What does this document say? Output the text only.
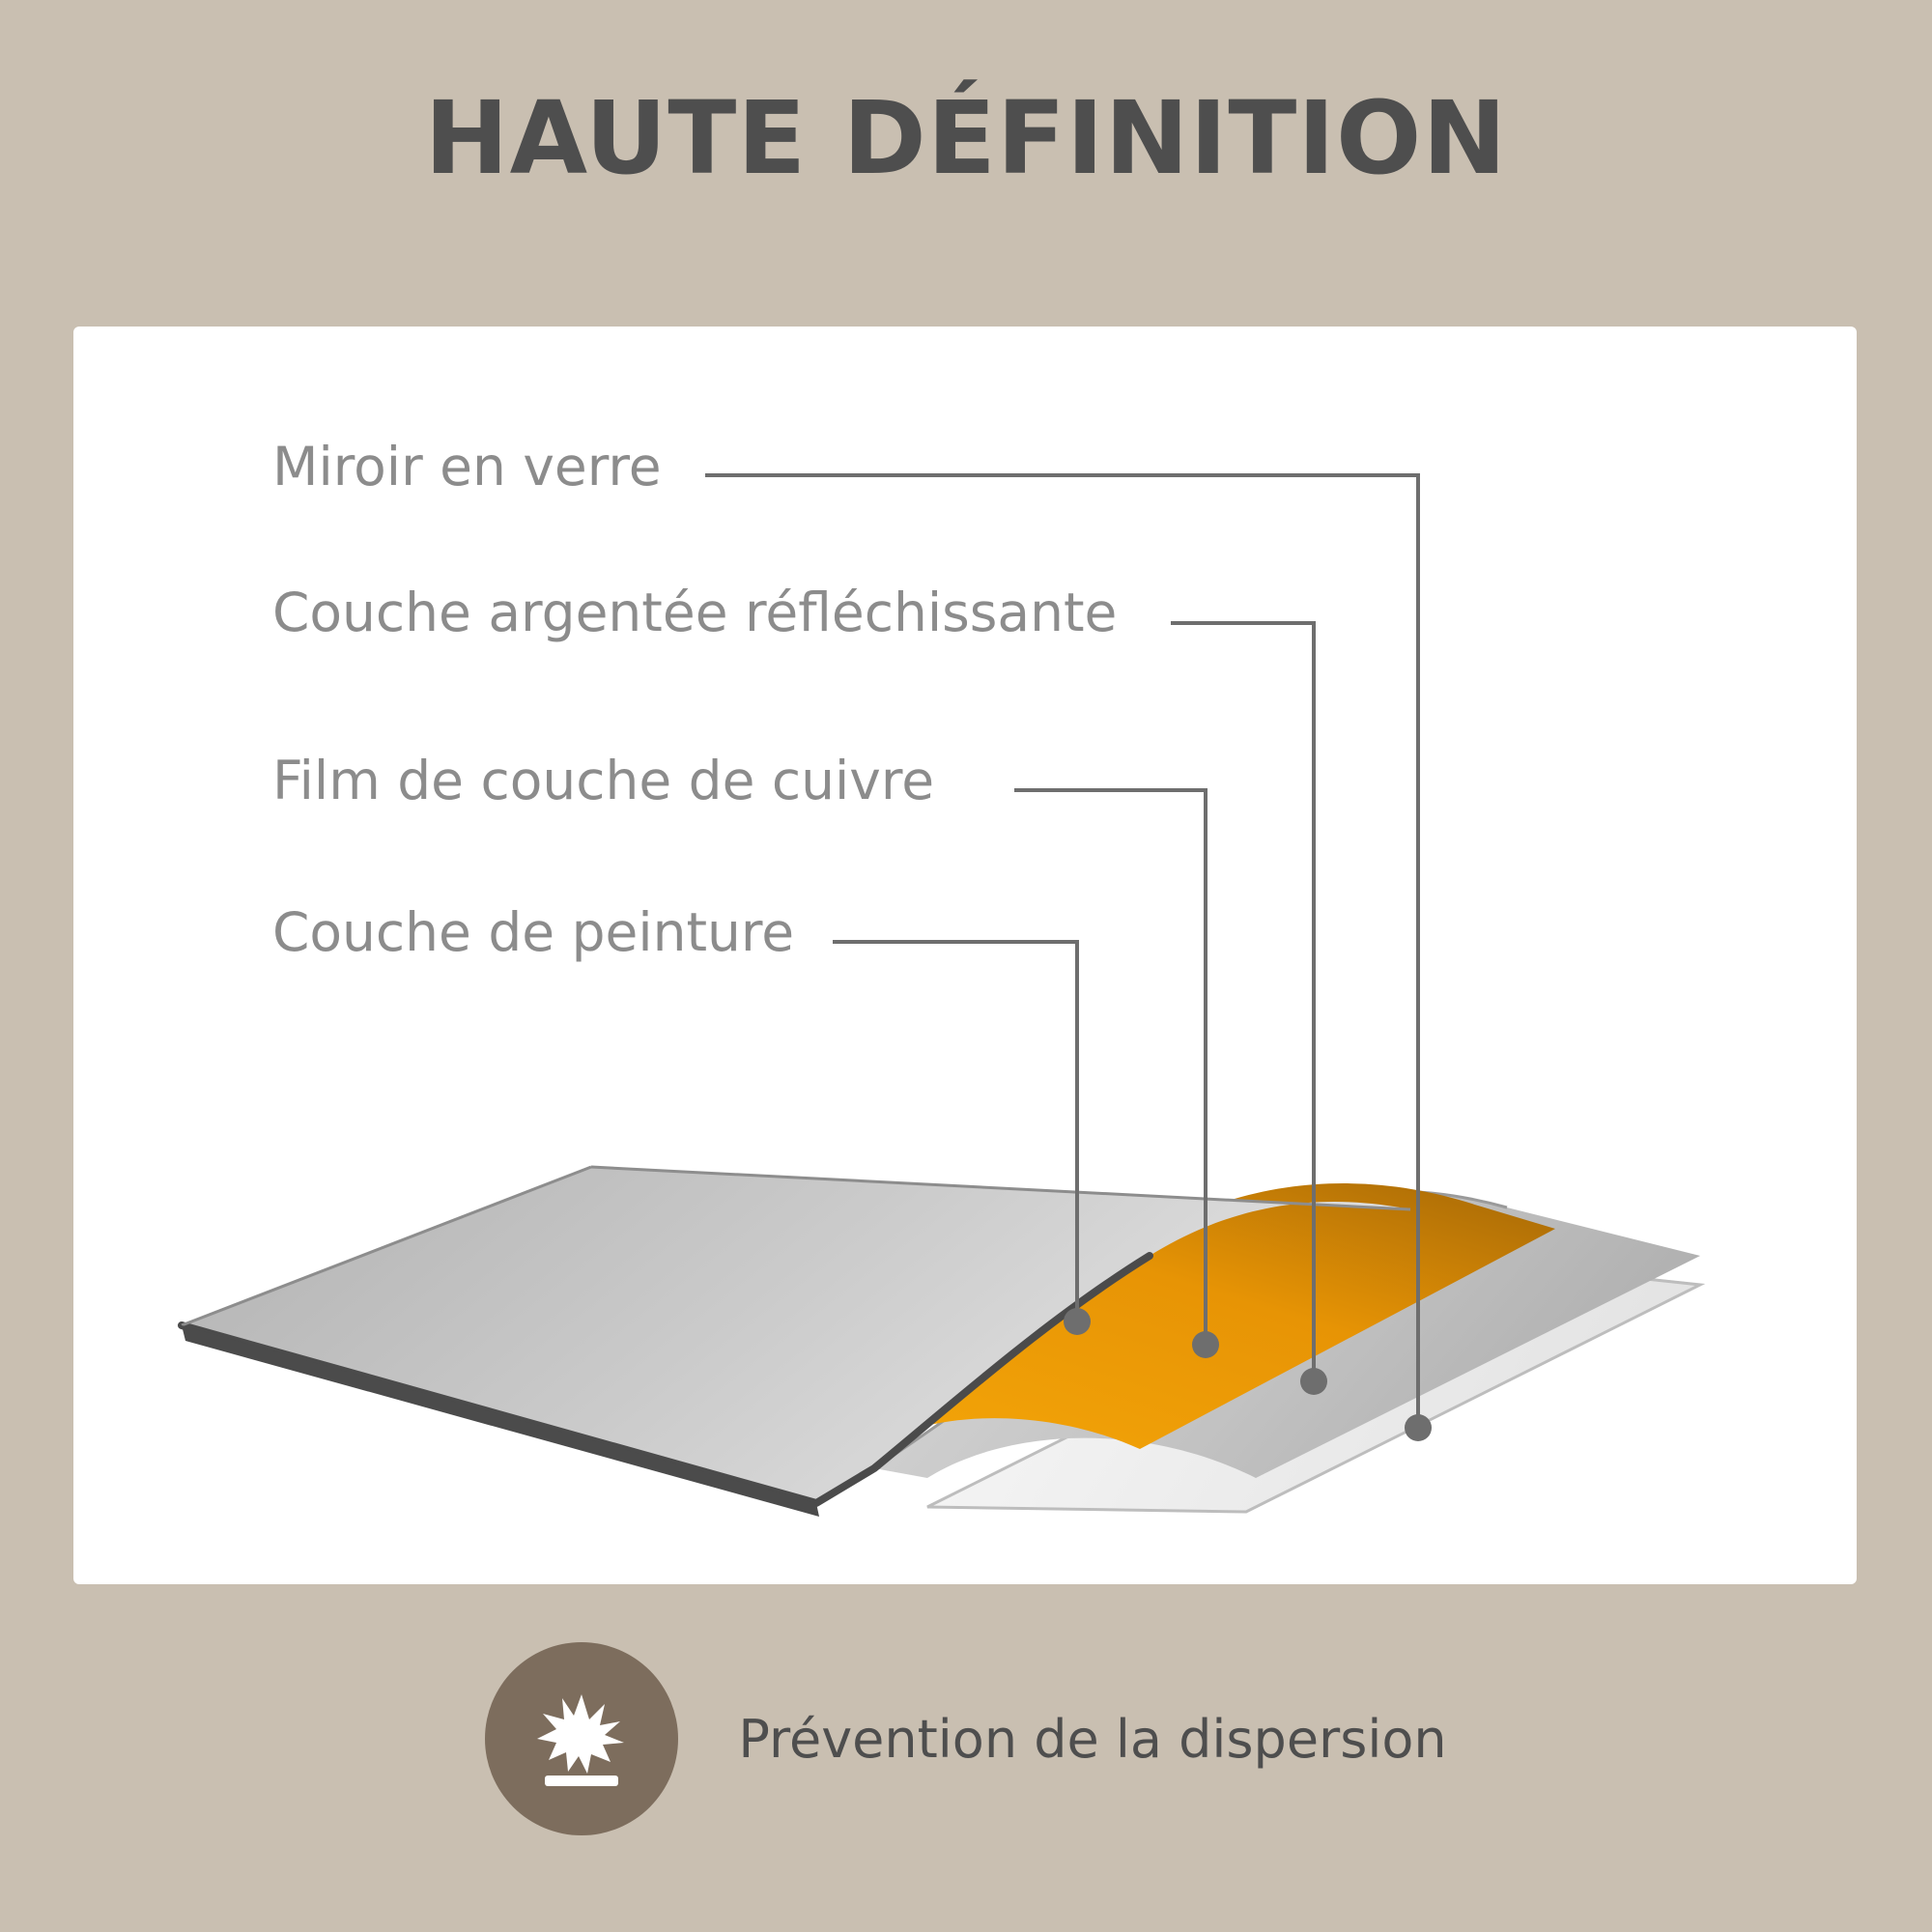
HAUTE DÉFINITION
Miroir en verre
Couche argentée réfléchissante
Film de couche de cuivre
Couche de peinture
Prévention de la dispersion
